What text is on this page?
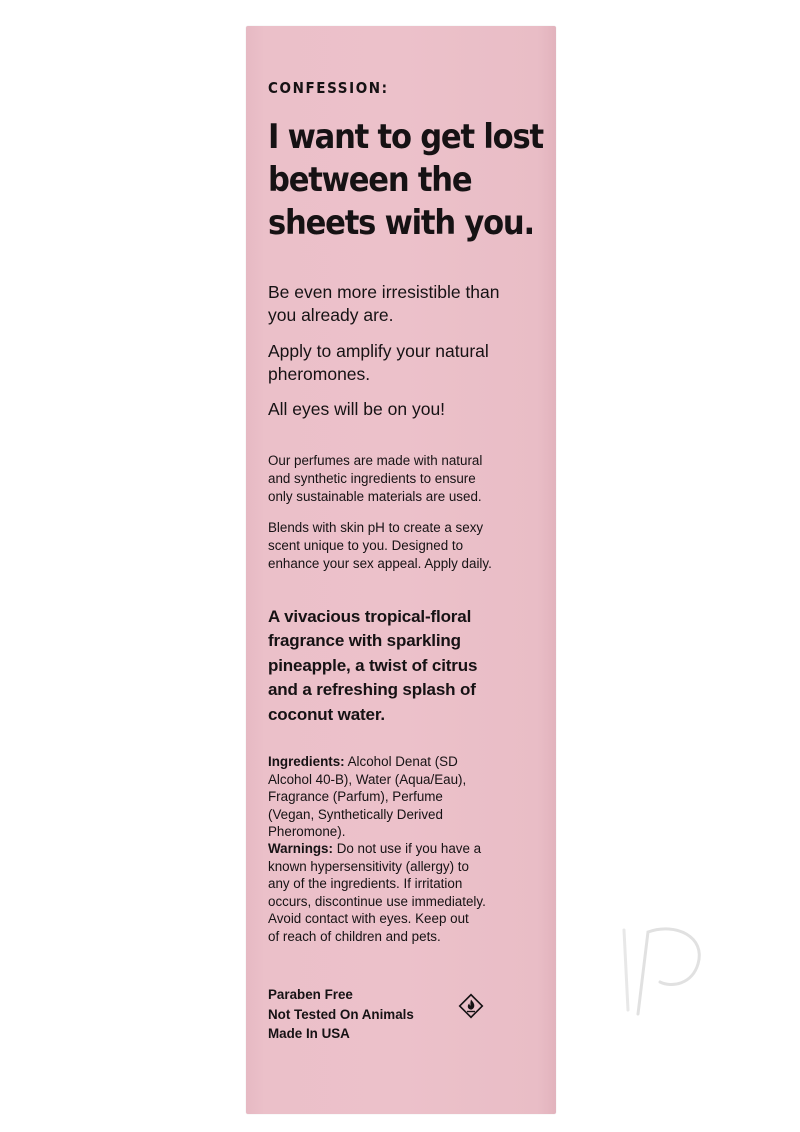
CONFESSION:
I want to get lost
between the
sheets with you.

Be even more irresistible than
you already are.

Apply to amplify your natural
pheromones.

All eyes will be on you!

Our perfumes are made with natural
and synthetic ingredients to ensure
only sustainable materials are used.

Blends with skin pH to create a sexy
scent unique to you. Designed to
enhance your sex appeal. Apply daily.

A vivacious tropical-floral
fragrance with sparkling
pineapple, a twist of citrus
and a refreshing splash of
coconut water.

Ingredients: Alcohol Denat (SD
Alcohol 40-B), Water (Aqua/Eau),
Fragrance (Parfum), Perfume
(Vegan, Synthetically Derived
Pheromone).

Warnings: Do not use if you have a
known hypersensitivity (allergy) to
any of the ingredients. If irritation
occurs, discontinue use immediately.
Avoid contact with eyes. Keep out
of reach of children and pets.

Paraben Free
Not Tested On Animals
Made In USA
